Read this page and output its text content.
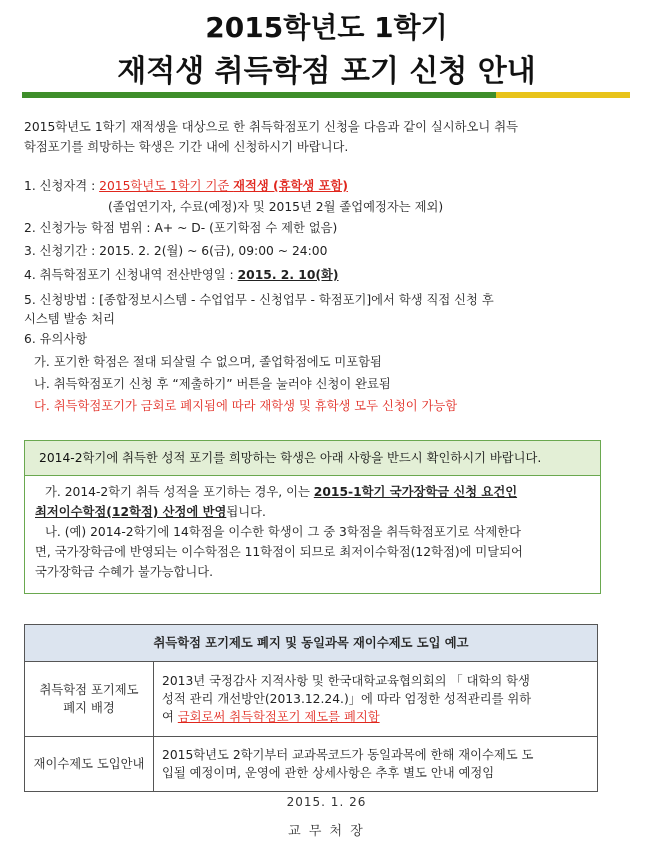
2015학년도 1학기
재적생 취득학점 포기 신청 안내
2015학년도 1학기 재적생을 대상으로 한 취득학점포기 신청을 다음과 같이 실시하오니 취득
학점포기를 희망하는 학생은 기간 내에 신청하시기 바랍니다.
1. 신청자격 : 2015학년도 1학기 기준 재적생 (휴학생 포함)
(졸업연기자, 수료(예정)자 및 2015년 2월 졸업예정자는 제외)
2. 신청가능 학점 범위 : A+ ~ D- (포기학점 수 제한 없음)
3. 신청기간 : 2015. 2. 2(월) ~ 6(금), 09:00 ~ 24:00
4. 취득학점포기 신청내역 전산반영일 : 2015. 2. 10(화)
5. 신청방법 : [종합정보시스템 - 수업업무 - 신청업무 - 학점포기]에서 학생 직접 신청 후
시스템 발송 처리
6. 유의사항
가. 포기한 학점은 절대 되살릴 수 없으며, 졸업학점에도 미포함됨
나. 취득학점포기 신청 후 “제출하기” 버튼을 눌러야 신청이 완료됨
다. 취득학점포기가 금회로 폐지됨에 따라 재학생 및 휴학생 모두 신청이 가능함
2014-2학기에 취득한 성적 포기를 희망하는 학생은 아래 사항을 반드시 확인하시기 바랍니다.
가. 2014-2학기 취득 성적을 포기하는 경우, 이는 2015-1학기 국가장학금 신청 요건인
최저이수학점(12학점) 산정에 반영됩니다.
나. (예) 2014-2학기에 14학점을 이수한 학생이 그 중 3학점을 취득학점포기로 삭제한다
면, 국가장학금에 반영되는 이수학점은 11학점이 되므로 최저이수학점(12학점)에 미달되어
국가장학금 수혜가 불가능합니다.
취득학점 포기제도 폐지 및 동일과목 재이수제도 도입 예고	
취득학점 포기제도 폐지 배경	2013년 국정감사 지적사항 및 한국대학교육협의회의 「 대학의 학생
성적 관리 개선방안(2013.12.24.)」에 따라 엄정한 성적관리를 위하
여 금회로써 취득학점포기 제도를 폐지함

재이수제도 도입안내	2015학년도 2학기부터 교과목코드가 동일과목에 한해 재이수제도 도
입될 예정이며, 운영에 관한 상세사항은 추후 별도 안내 예정임
2015. 1. 26
교 무 처 장
